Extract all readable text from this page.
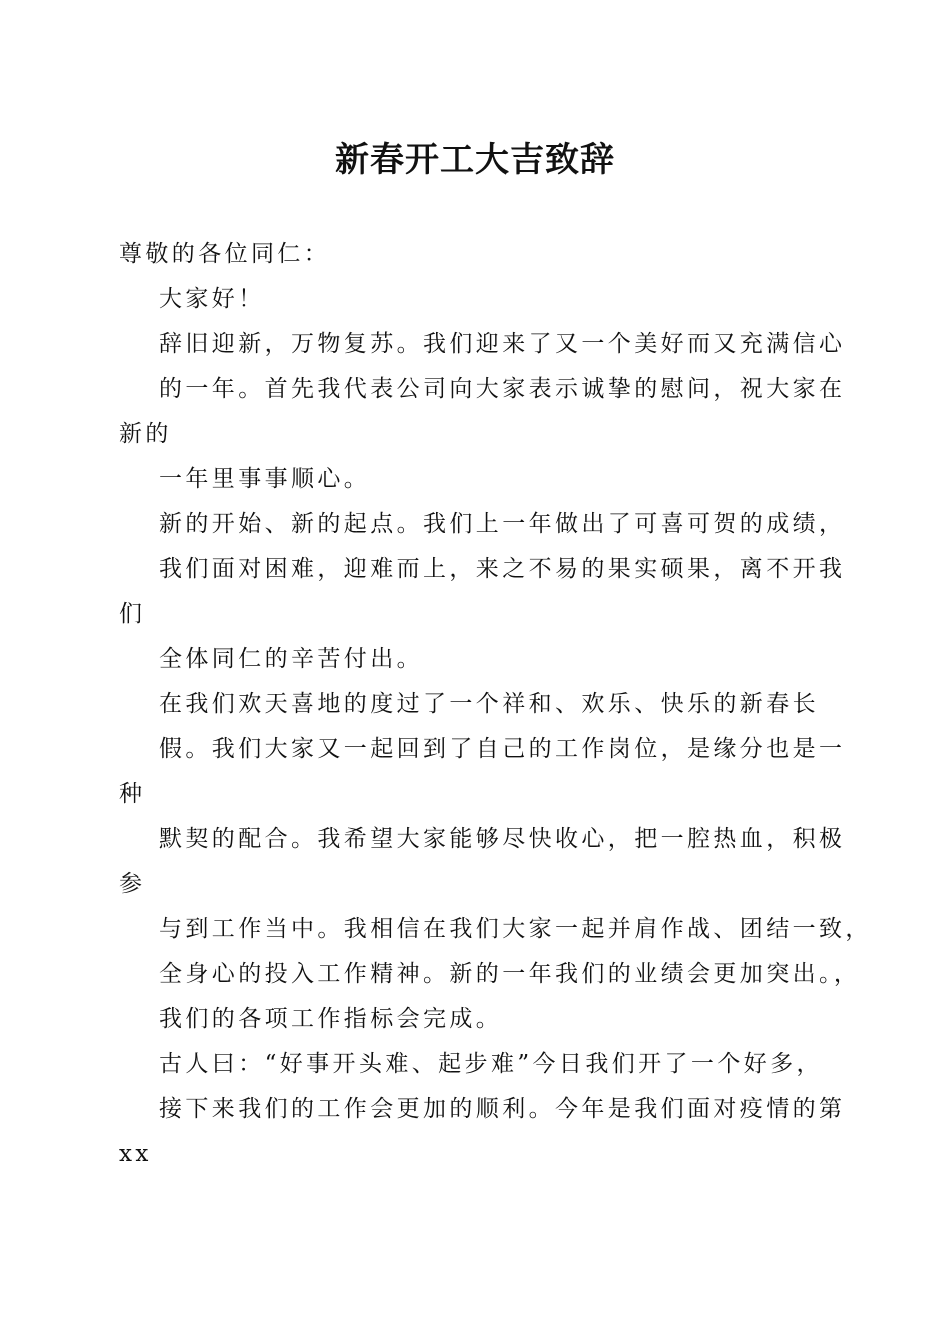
新春开工大吉致辞

尊敬的各位同仁：

大家好！

辞旧迎新，万物复苏。我们迎来了又一个美好而又充满信心

的一年。首先我代表公司向大家表示诚挚的慰问，祝大家在

新的

一年里事事顺心。

新的开始、新的起点。我们上一年做出了可喜可贺的成绩，

我们面对困难，迎难而上，来之不易的果实硕果，离不开我

们

全体同仁的辛苦付出。

在我们欢天喜地的度过了一个祥和、欢乐、快乐的新春长

假。我们大家又一起回到了自己的工作岗位，是缘分也是一

种

默契的配合。我希望大家能够尽快收心，把一腔热血，积极

参

与到工作当中。我相信在我们大家一起并肩作战、团结一致，

全身心的投入工作精神。新的一年我们的业绩会更加突出。，

我们的各项工作指标会完成。

古人曰：“好事开头难、起步难”今日我们开了一个好多，

接下来我们的工作会更加的顺利。今年是我们面对疫情的第

xx
